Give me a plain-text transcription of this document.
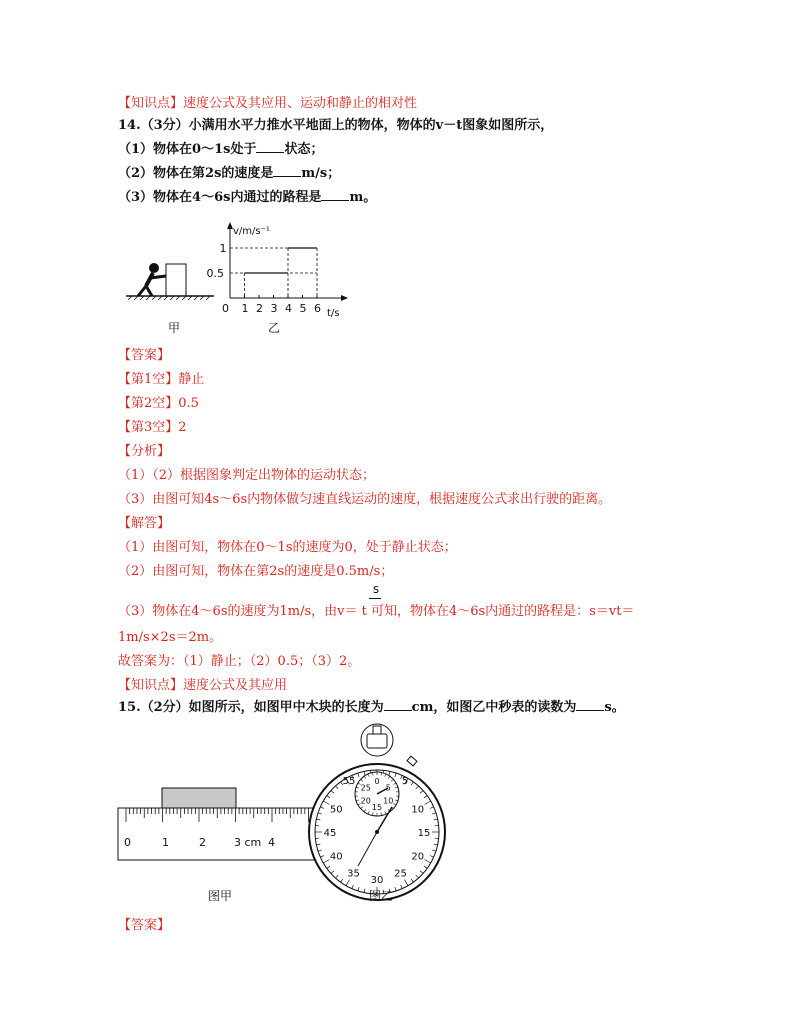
【知识点】速度公式及其应用、运动和静止的相对性
14.（3分）小满用水平力推水平地面上的物体，物体的v－t图象如图所示，
（1）物体在0～1s处于 状态；
（2）物体在第2s的速度是 m/s；
（3）物体在4～6s内通过的路程是 m。
甲
v/m/s⁻¹
t/s
0 1 2 3 4 5 6
0.5
1
乙
【答案】
【第1空】静止
【第2空】0.5
【第3空】2
【分析】
（1）（2）根据图象判定出物体的运动状态；
（3）由图可知4s～6s内物体做匀速直线运动的速度，根据速度公式求出行驶的距离。
【解答】
（1）由图可知，物体在0～1s的速度为0，处于静止状态；
（2）由图可知，物体在第2s的速度是0.5m/s；
s
（3）物体在4～6s的速度为1m/s，由v＝ t 可知，物体在4～6s内通过的路程是：s＝vt＝
1m/s×2s＝2m。
故答案为：（1）静止；（2）0.5；（3）2。
【知识点】速度公式及其应用
15.（2分）如图所示，如图甲中木块的长度为 cm，如图乙中秒表的读数为 s。
0	1	2	3 cm 4
图甲
10
15
20
25
30
35
40
45
50
55	5
0
5
10
15
20
25
图乙
【答案】
